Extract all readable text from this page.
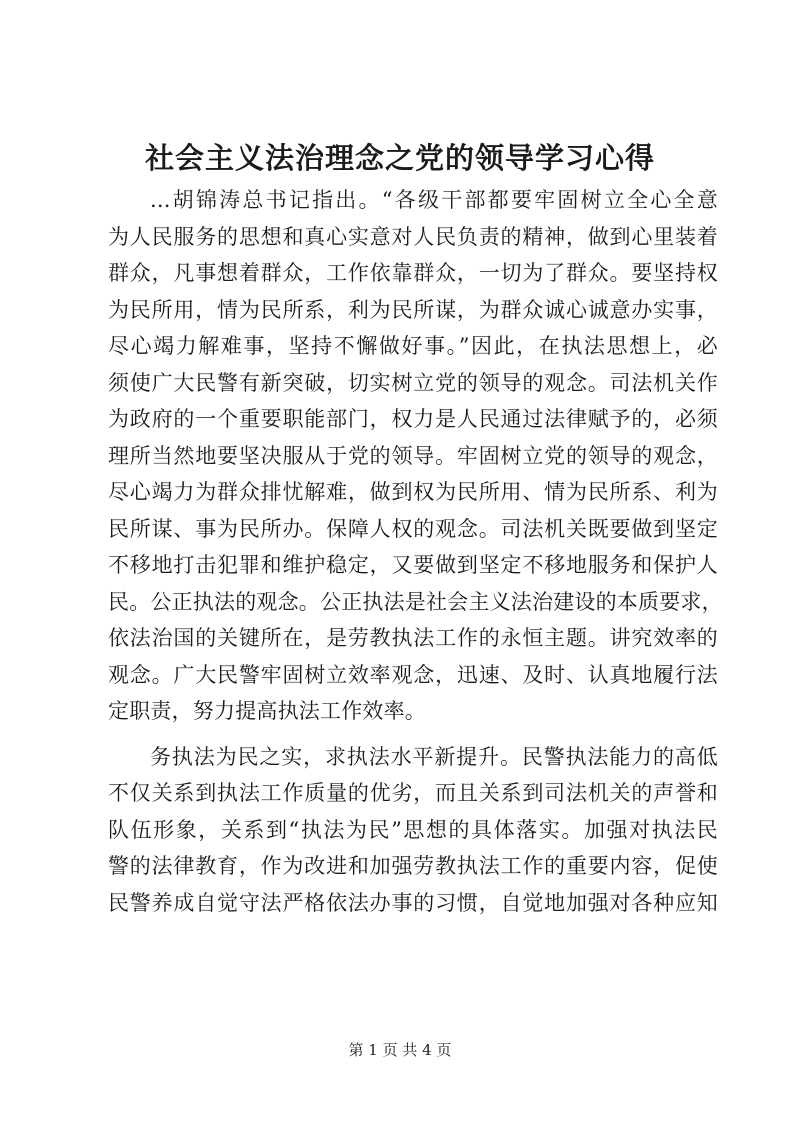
社会主义法治理念之党的领导学习心得
...胡锦涛总书记指出。“各级干部都要牢固树立全心全意
为人民服务的思想和真心实意对人民负责的精神，做到心里装着
群众，凡事想着群众，工作依靠群众，一切为了群众。要坚持权
为民所用，情为民所系，利为民所谋，为群众诚心诚意办实事，
尽心竭力解难事，坚持不懈做好事。”因此，在执法思想上，必
须使广大民警有新突破，切实树立党的领导的观念。司法机关作
为政府的一个重要职能部门，权力是人民通过法律赋予的，必须
理所当然地要坚决服从于党的领导。牢固树立党的领导的观念，
尽心竭力为群众排忧解难，做到权为民所用、情为民所系、利为
民所谋、事为民所办。保障人权的观念。司法机关既要做到坚定
不移地打击犯罪和维护稳定，又要做到坚定不移地服务和保护人
民。公正执法的观念。公正执法是社会主义法治建设的本质要求，
依法治国的关键所在，是劳教执法工作的永恒主题。讲究效率的
观念。广大民警牢固树立效率观念，迅速、及时、认真地履行法
定职责，努力提高执法工作效率。
务执法为民之实，求执法水平新提升。民警执法能力的高低
不仅关系到执法工作质量的优劣，而且关系到司法机关的声誉和
队伍形象，关系到“执法为民”思想的具体落实。加强对执法民
警的法律教育，作为改进和加强劳教执法工作的重要内容，促使
民警养成自觉守法严格依法办事的习惯，自觉地加强对各种应知
第 1 页 共 4 页
